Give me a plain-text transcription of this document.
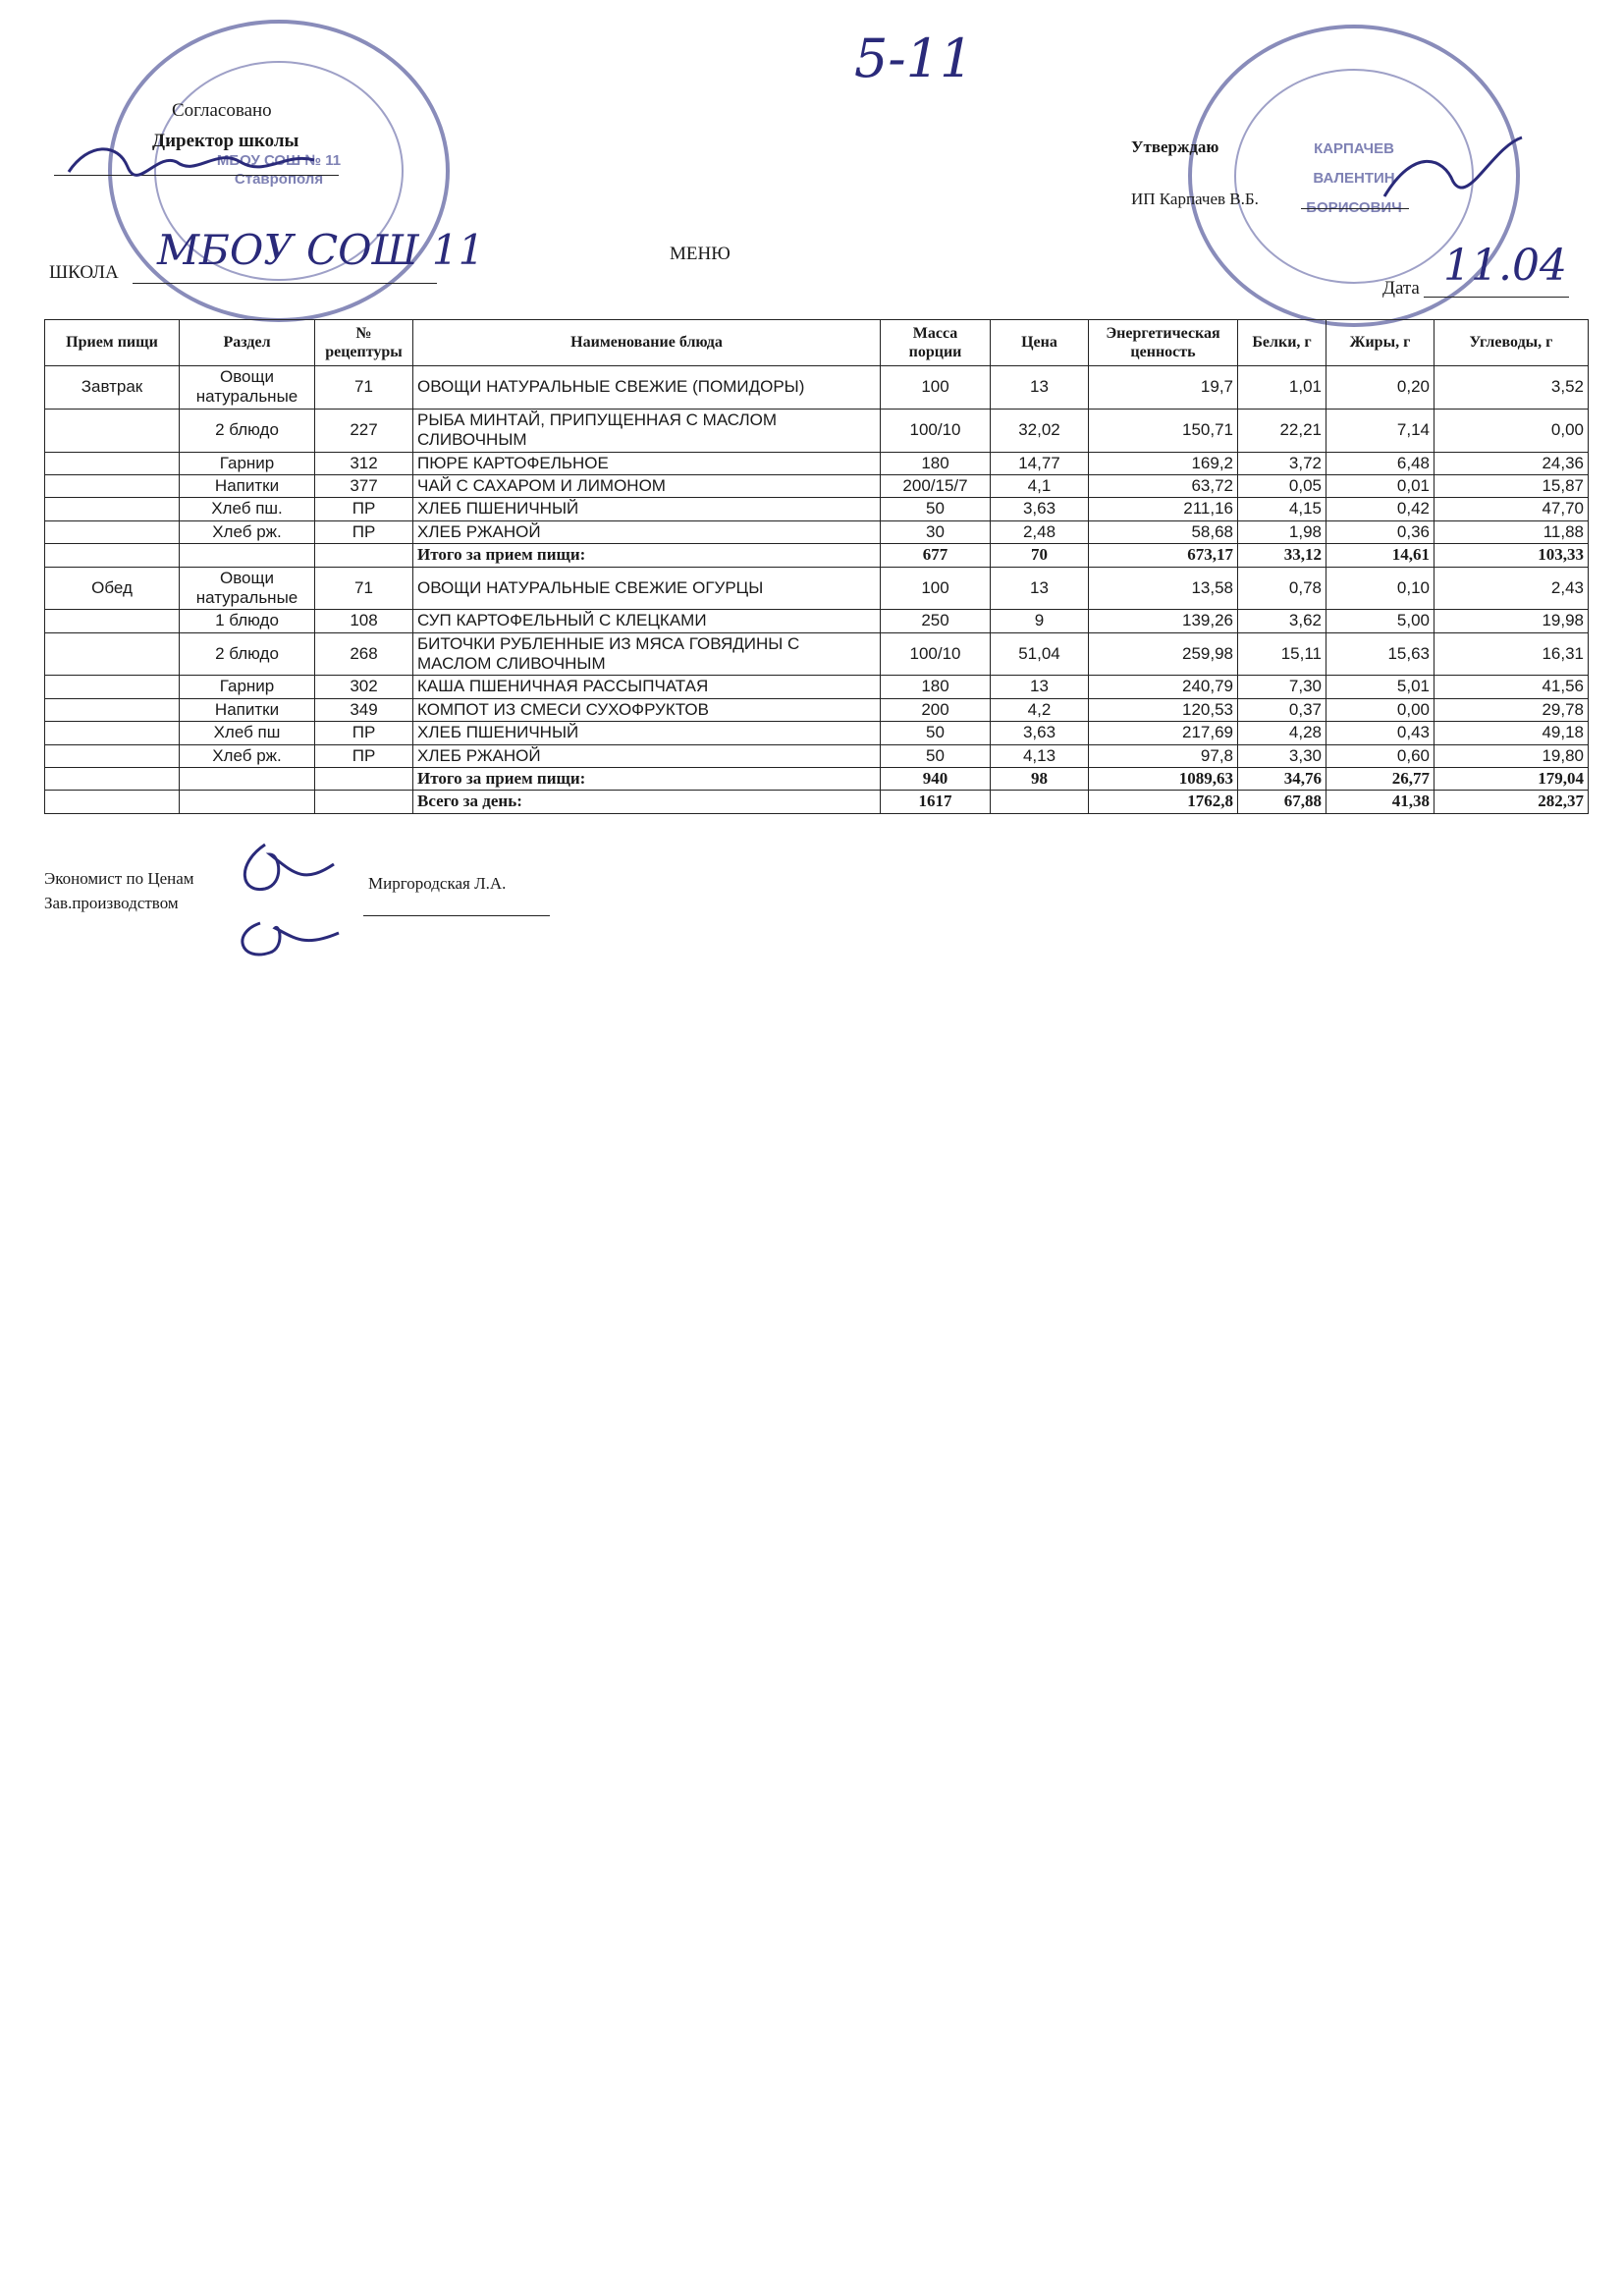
5-11
МБОУ СОШ № 11
Ставрополя
КАРПАЧЕВ
ВАЛЕНТИН
БОРИСОВИЧ
Согласовано
Директор школы	Утверждаю
ИП Карпачев В.Б.
МЕНЮ
ШКОЛА МБОУ СОШ 11
Дата 11.04
Прием пищи	Раздел	№ рецептуры	Наименование блюда	Масса порции	Цена	Энергетическая ценность	Белки, г	Жиры, г	Углеводы, г
Завтрак	Овощи натуральные	71	ОВОЩИ НАТУРАЛЬНЫЕ СВЕЖИЕ (ПОМИДОРЫ)	100	13	19,7	1,01	0,20	3,52
	2 блюдо	227	РЫБА МИНТАЙ, ПРИПУЩЕННАЯ С МАСЛОМ СЛИВОЧНЫМ	100/10	32,02	150,71	22,21	7,14	0,00
	Гарнир	312	ПЮРЕ КАРТОФЕЛЬНОЕ	180	14,77	169,2	3,72	6,48	24,36
	Напитки	377	ЧАЙ С САХАРОМ И ЛИМОНОМ	200/15/7	4,1	63,72	0,05	0,01	15,87
	Хлеб пш.	ПР	ХЛЕБ ПШЕНИЧНЫЙ	50	3,63	211,16	4,15	0,42	47,70
	Хлеб рж.	ПР	ХЛЕБ РЖАНОЙ	30	2,48	58,68	1,98	0,36	11,88
			Итого за прием пищи:	677	70	673,17	33,12	14,61	103,33
Обед	Овощи натуральные	71	ОВОЩИ НАТУРАЛЬНЫЕ СВЕЖИЕ ОГУРЦЫ	100	13	13,58	0,78	0,10	2,43
	1 блюдо	108	СУП КАРТОФЕЛЬНЫЙ С КЛЕЦКАМИ	250	9	139,26	3,62	5,00	19,98
	2 блюдо	268	БИТОЧКИ РУБЛЕННЫЕ ИЗ МЯСА ГОВЯДИНЫ С МАСЛОМ СЛИВОЧНЫМ	100/10	51,04	259,98	15,11	15,63	16,31
	Гарнир	302	КАША ПШЕНИЧНАЯ РАССЫПЧАТАЯ	180	13	240,79	7,30	5,01	41,56
	Напитки	349	КОМПОТ ИЗ СМЕСИ СУХОФРУКТОВ	200	4,2	120,53	0,37	0,00	29,78
	Хлеб пш	ПР	ХЛЕБ ПШЕНИЧНЫЙ	50	3,63	217,69	4,28	0,43	49,18
	Хлеб рж.	ПР	ХЛЕБ РЖАНОЙ	50	4,13	97,8	3,30	0,60	19,80
			Итого за прием пищи:	940	98	1089,63	34,76	26,77	179,04
			Всего за день:	1617		1762,8	67,88	41,38	282,37
Экономист по Ценам	Миргородская Л.А.
Зав.производством
